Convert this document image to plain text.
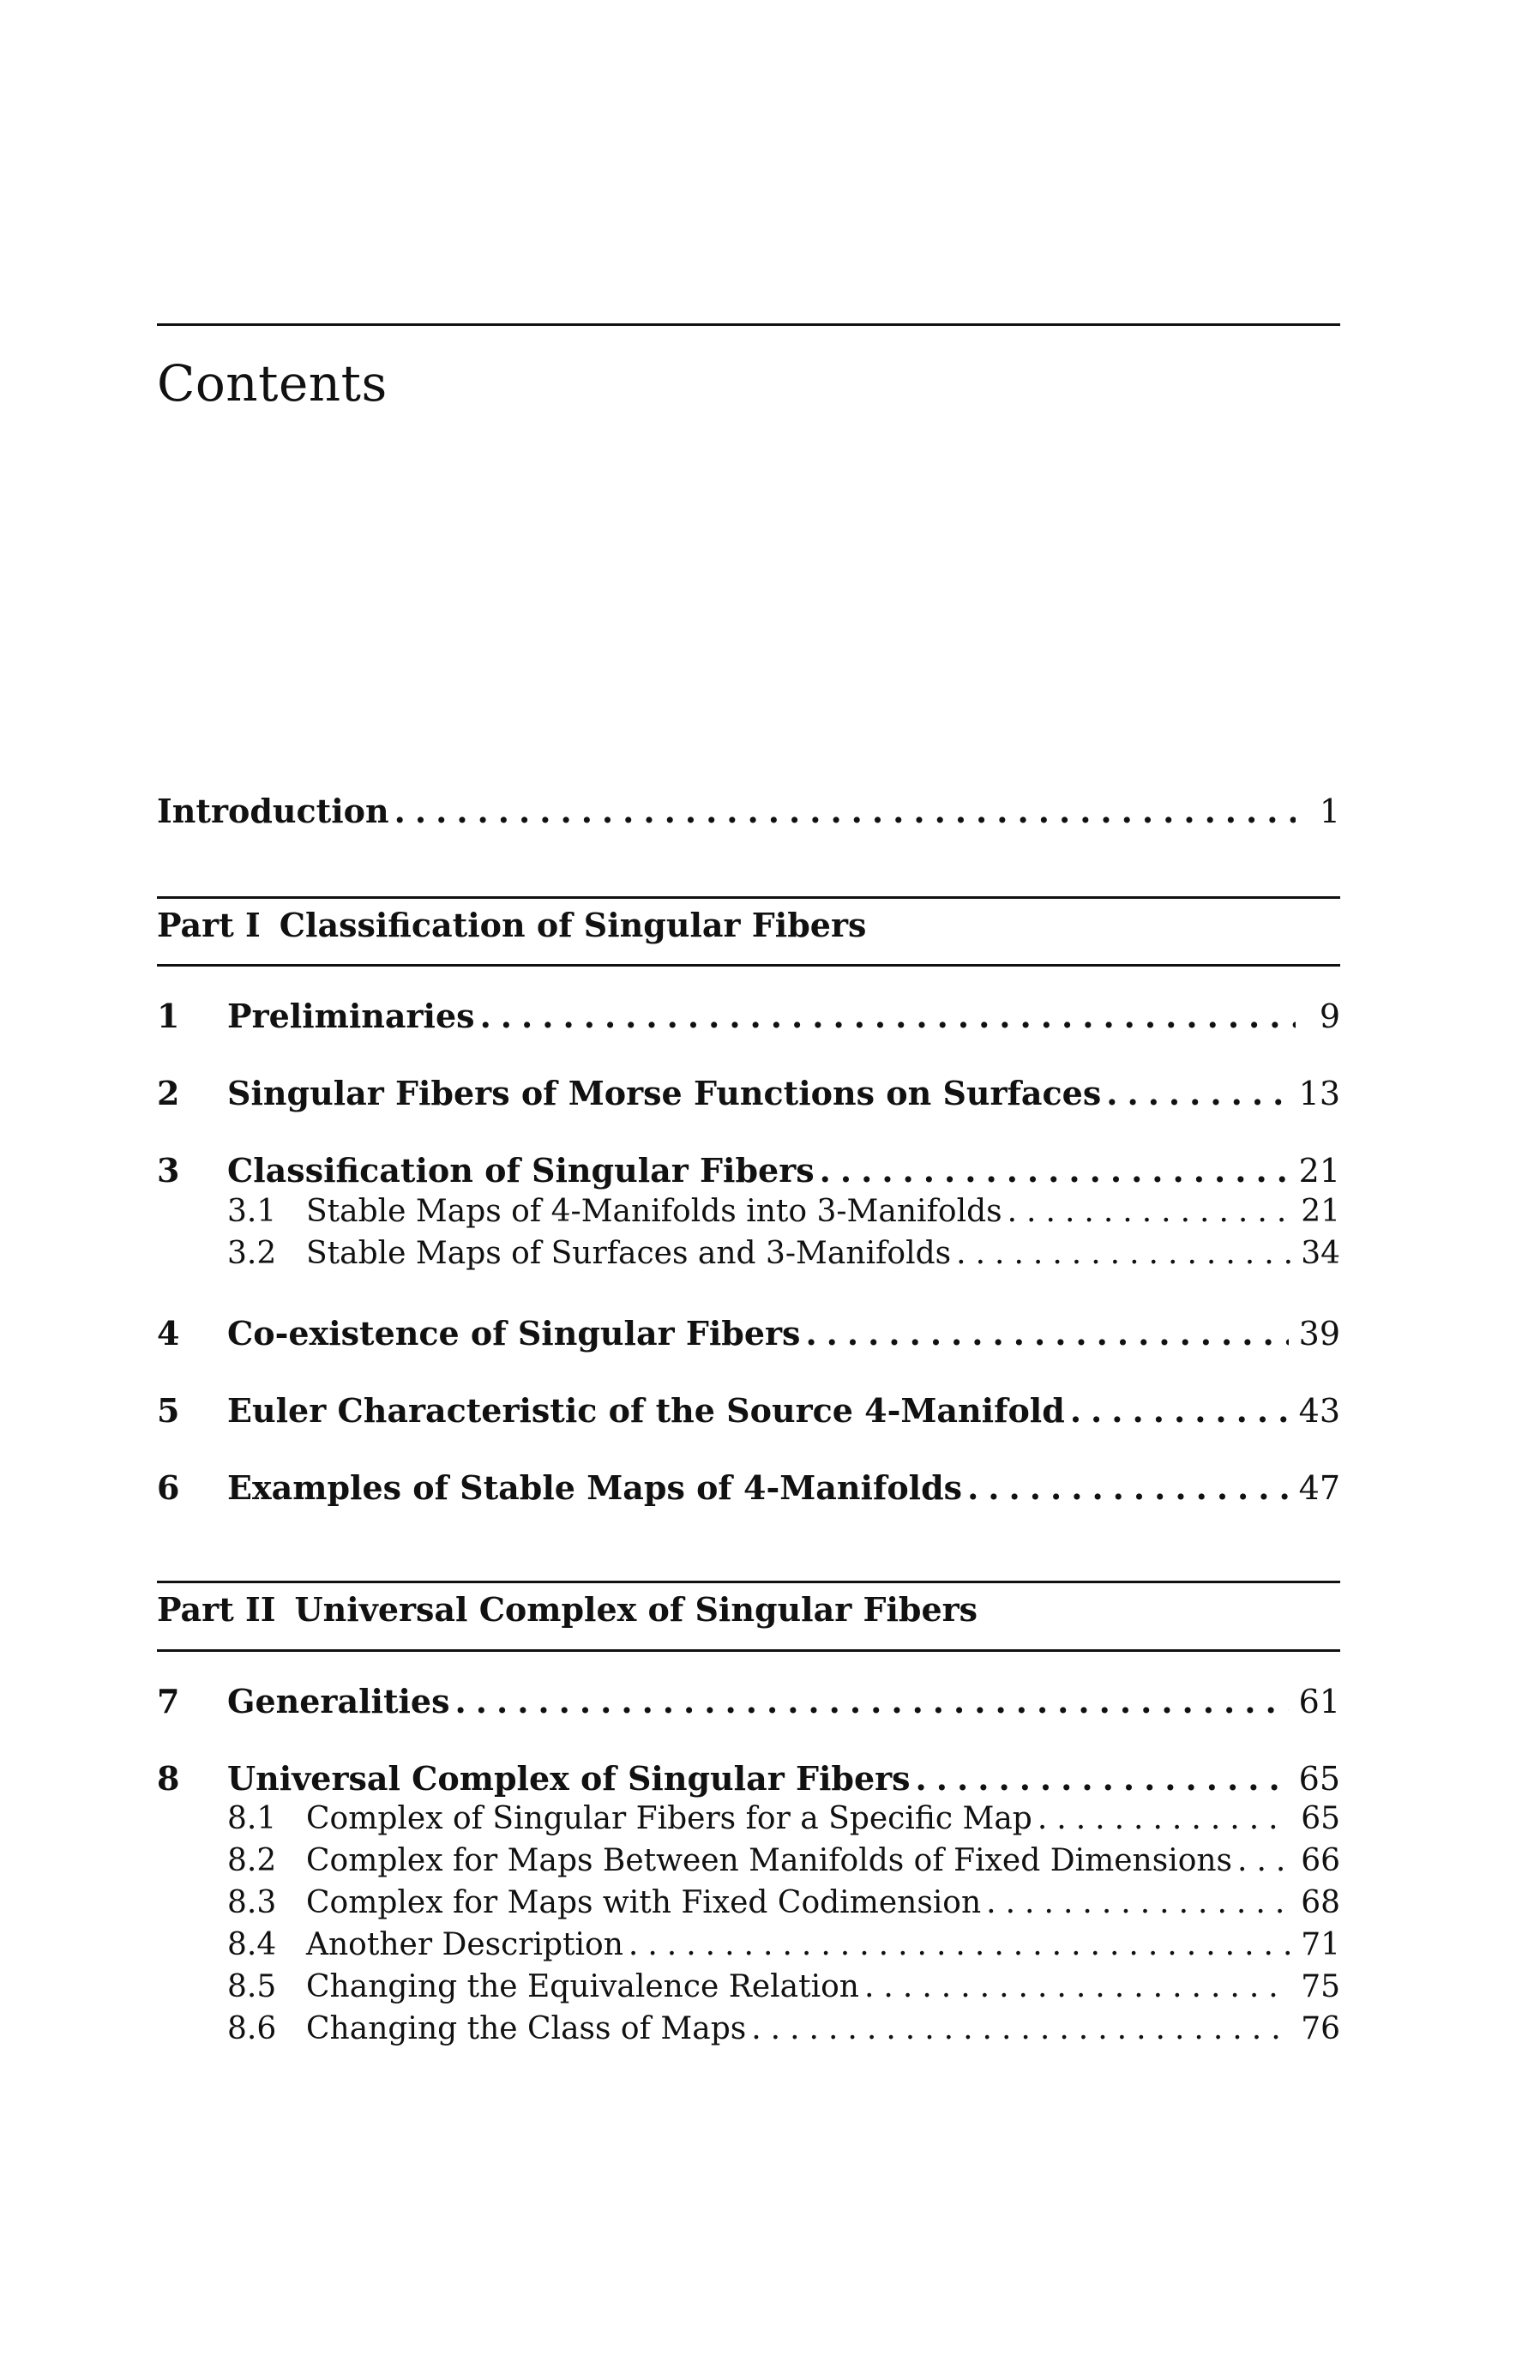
Contents
Introduction .....	1
Part I Classification of Singular Fibers
1	Preliminaries .....	9
2	Singular Fibers of Morse Functions on Surfaces .....	13
3	Classification of Singular Fibers .....	21
3.1 Stable Maps of 4-Manifolds into 3-Manifolds .....	21
3.2 Stable Maps of Surfaces and 3-Manifolds .....	34
4	Co-existence of Singular Fibers .....	39
5	Euler Characteristic of the Source 4-Manifold .....	43
6	Examples of Stable Maps of 4-Manifolds .....	47
Part II Universal Complex of Singular Fibers
7	Generalities .....	61
8	Universal Complex of Singular Fibers .....	65
8.1 Complex of Singular Fibers for a Specific Map .....	65
8.2 Complex for Maps Between Manifolds of Fixed Dimensions ..... 66
8.3 Complex for Maps with Fixed Codimension .....	68
8.4 Another Description .....	71
8.5 Changing the Equivalence Relation .....	75
8.6 Changing the Class of Maps .....	76
